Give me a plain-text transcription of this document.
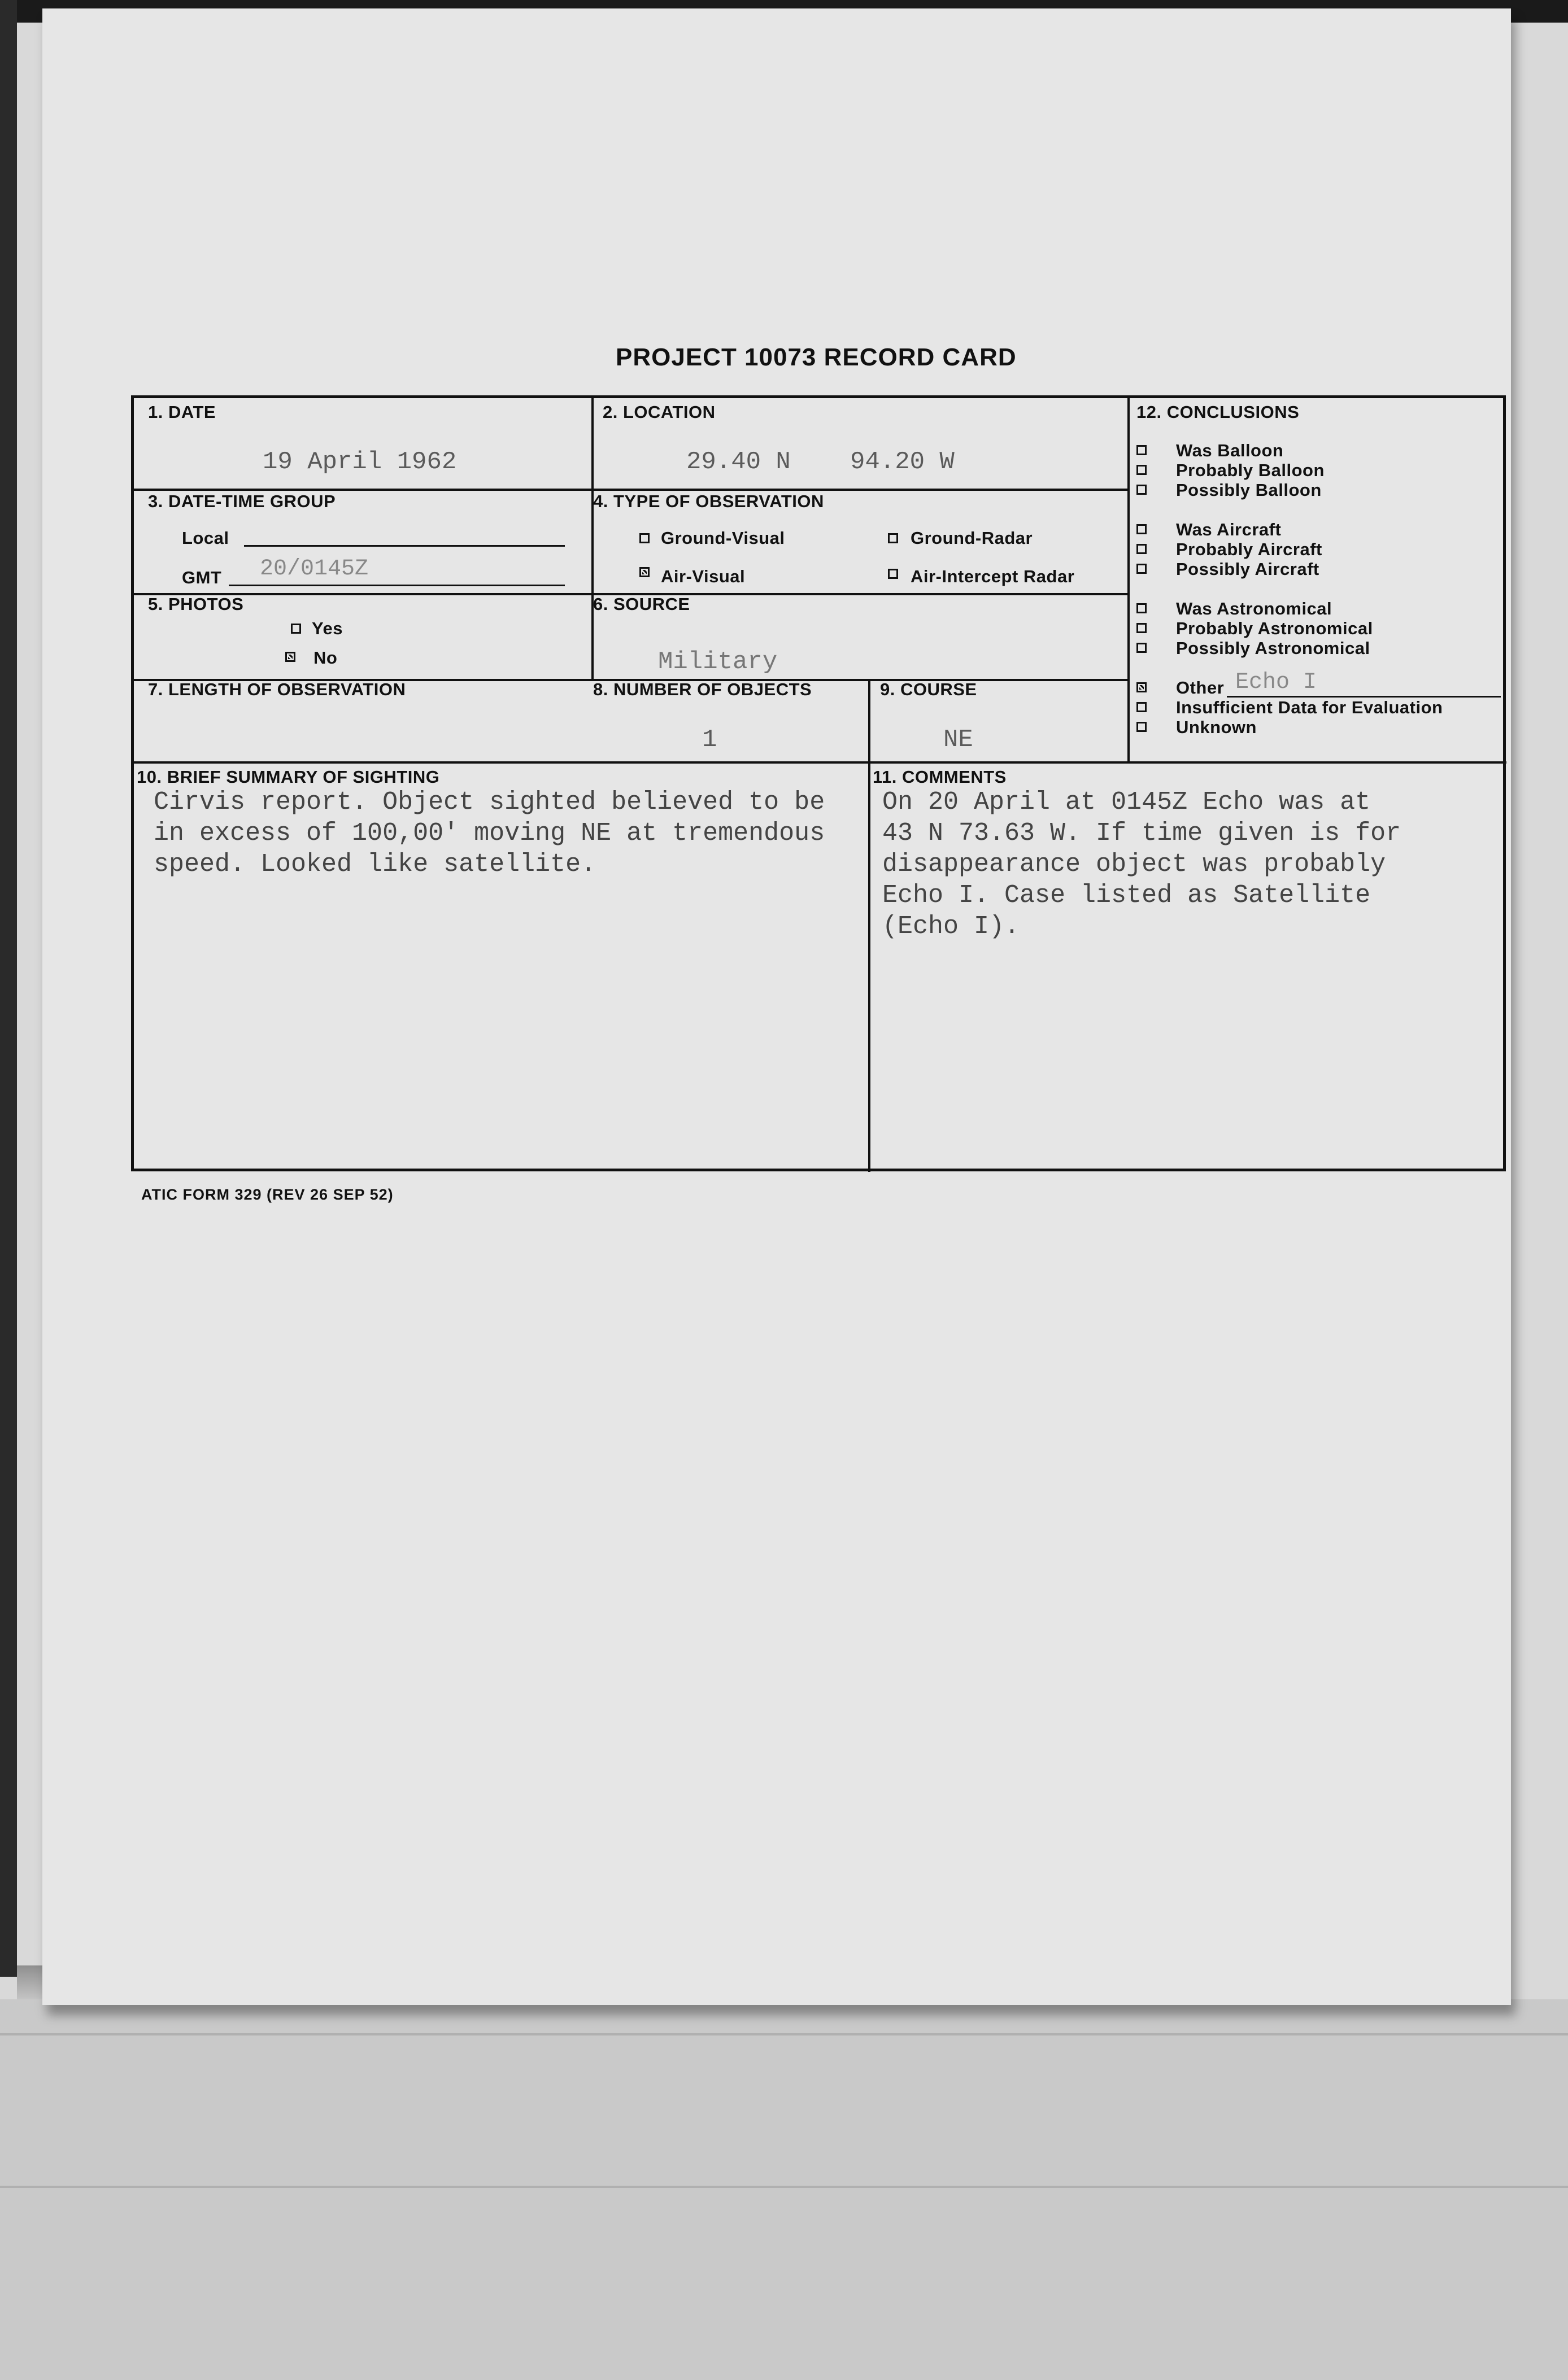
PROJECT 10073 RECORD CARD
1. DATE
19 April 1962
2. LOCATION
29.40 N 94.20 W
3. DATE-TIME GROUP
Local
GMT 20/0145Z
4. TYPE OF OBSERVATION
Ground-Visual	Ground-Radar
Air-Visual	Air-Intercept Radar
5. PHOTOS
Yes
No
6. SOURCE
Military
7. LENGTH OF OBSERVATION	8. NUMBER OF OBJECTS
1
9. COURSE
NE
10. BRIEF SUMMARY OF SIGHTING
Cirvis report. Object sighted believed to be
in excess of 100,00' moving NE at tremendous
speed. Looked like satellite.
11. COMMENTS
On 20 April at 0145Z Echo was at
43 N 73.63 W. If time given is for
disappearance object was probably
Echo I. Case listed as Satellite
(Echo I).
12. CONCLUSIONS
Was Balloon
Probably Balloon
Possibly Balloon
Was Aircraft
Probably Aircraft
Possibly Aircraft
Was Astronomical
Probably Astronomical
Possibly Astronomical
Other Echo I
Insufficient Data for Evaluation
Unknown
ATIC FORM 329 (REV 26 SEP 52)
